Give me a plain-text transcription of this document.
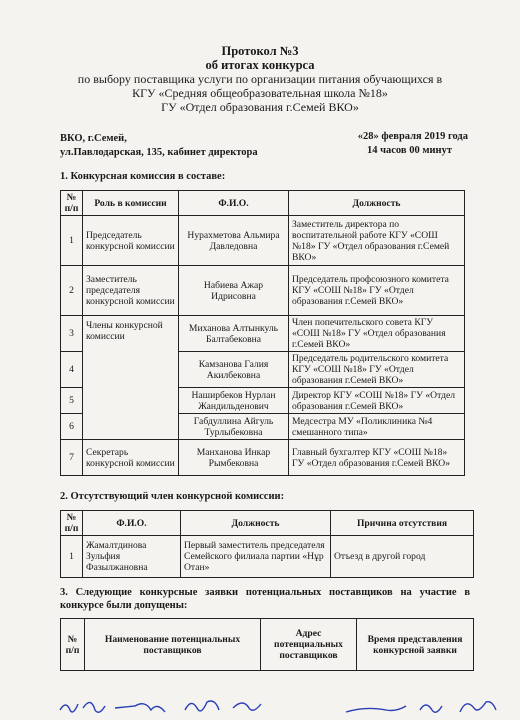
Протокол №3
об итогах конкурса
по выбору поставщика услуги по организации питания обучающихся в
КГУ «Средняя общеобразовательная школа №18»
ГУ «Отдел образования г.Семей ВКО»
ВКО, г.Семей,
ул.Павлодарская, 135, кабинет директора
«28» февраля 2019 года
14 часов 00 минут
1. Конкурсная комиссия в составе:
№ п/п	Роль в комиссии	Ф.И.О.	Должность
1	Председатель конкурсной комиссии	Нурахметова Альмира Давледовна	Заместитель директора по воспитательной работе КГУ «СОШ №18» ГУ «Отдел образования г.Семей ВКО»
2	Заместитель председателя конкурсной комиссии	Набиева Ажар Идрисовна	Председатель профсоюзного комитета КГУ «СОШ №18» ГУ «Отдел образования г.Семей ВКО»
3	Члены конкурсной комиссии	Миханова Алтынкуль Балтабековна	Член попечительского совета КГУ «СОШ №18» ГУ «Отдел образования г.Семей ВКО»
4		Камзанова Галия Акилбековна	Председатель родительского комитета КГУ «СОШ №18» ГУ «Отдел образования г.Семей ВКО»
5		Наширбеков Нурлан Жандильденович	Директор КГУ «СОШ №18» ГУ «Отдел образования г.Семей ВКО»
6		Габдуллина Айгуль Турлыбековна	Медсестра МУ «Поликлиника №4 смешанного типа»
7	Секретарь конкурсной комиссии	Манханова Инкар Рымбековна	Главный бухгалтер КГУ «СОШ №18» ГУ «Отдел образования г.Семей ВКО»
2. Отсутствующий член конкурсной комиссии:
№ п/п	Ф.И.О.	Должность	Причина отсутствия
1	Жамалтдинова Зульфия Фазылжановна	Первый заместитель председателя Семейского филиала партии «Нұр Отан»	Отъезд в другой город
3. Следующие конкурсные заявки потенциальных поставщиков на участие в конкурсе были допущены:
№ п/п	Наименование потенциальных поставщиков	Адрес потенциальных поставщиков	Время представления конкурсной заявки
